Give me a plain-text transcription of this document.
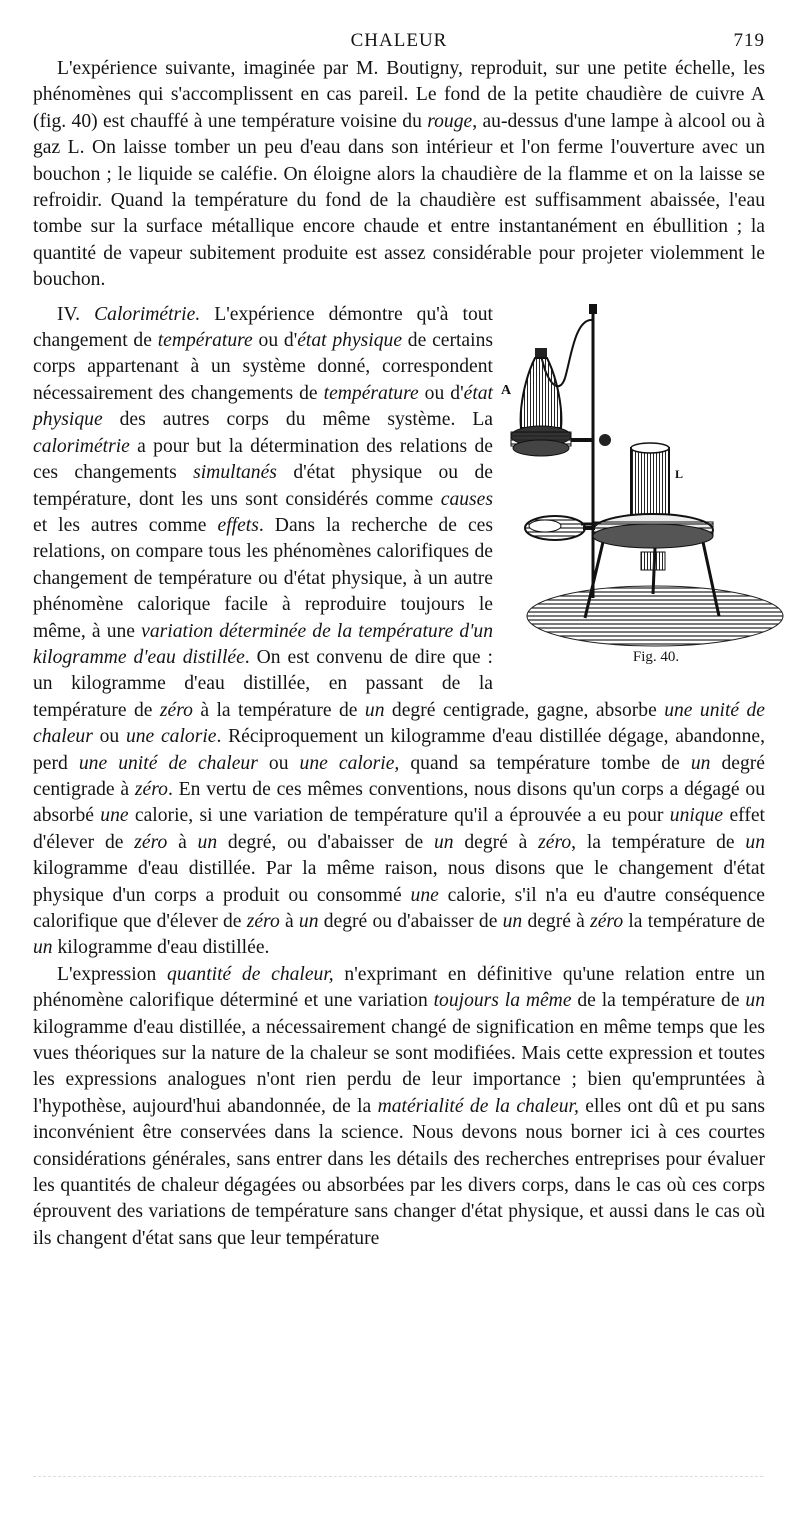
CHALEUR	719

L'expérience suivante, imaginée par M. Boutigny, reproduit, sur une petite échelle, les phénomènes qui s'accomplissent en cas pareil. Le fond de la petite chaudière de cuivre A (fig. 40) est chauffé à une température voisine du rouge, au-dessus d'une lampe à alcool ou à gaz L. On laisse tomber un peu d'eau dans son intérieur et l'on ferme l'ouverture avec un bouchon ; le liquide se caléfie. On éloigne alors la chaudière de la flamme et on la laisse se refroidir. Quand la température du fond de la chaudière est suffisamment abaissée, l'eau tombe sur la surface métallique encore chaude et entre instantanément en ébullition ; la quantité de vapeur subitement produite est assez considérable pour projeter violemment le bouchon.

A
L
Fig. 40.

IV. Calorimétrie. L'expérience démontre qu'à tout changement de température ou d'état physique de certains corps appartenant à un système donné, correspondent nécessairement des changements de température ou d'état physique des autres corps du même système. La calorimétrie a pour but la détermination des relations de ces changements simultanés d'état physique ou de température, dont les uns sont considérés comme causes et les autres comme effets. Dans la recherche de ces relations, on compare tous les phénomènes calorifiques de changement de température ou d'état physique, à un autre phénomène calorique facile à reproduire toujours le même, à une variation déterminée de la température d'un kilogramme d'eau distillée. On est convenu de dire que : un kilogramme d'eau distillée, en passant de la température de zéro à la température de un degré centigrade, gagne, absorbe une unité de chaleur ou une calorie. Réciproquement un kilogramme d'eau distillée dégage, abandonne, perd une unité de chaleur ou une calorie, quand sa température tombe de un degré centigrade à zéro. En vertu de ces mêmes conventions, nous disons qu'un corps a dégagé ou absorbé une calorie, si une variation de température qu'il a éprouvée a eu pour unique effet d'élever de zéro à un degré, ou d'abaisser de un degré à zéro, la température de un kilogramme d'eau distillée. Par la même raison, nous disons que le changement d'état physique d'un corps a produit ou consommé une calorie, s'il n'a eu d'autre conséquence calorifique que d'élever de zéro à un degré ou d'abaisser de un degré à zéro la température de un kilogramme d'eau distillée.

L'expression quantité de chaleur, n'exprimant en définitive qu'une relation entre un phénomène calorifique déterminé et une variation toujours la même de la température de un kilogramme d'eau distillée, a nécessairement changé de signification en même temps que les vues théoriques sur la nature de la chaleur se sont modifiées. Mais cette expression et toutes les expressions analogues n'ont rien perdu de leur importance ; bien qu'empruntées à l'hypothèse, aujourd'hui abandonnée, de la matérialité de la chaleur, elles ont dû et pu sans inconvénient être conservées dans la science. Nous devons nous borner ici à ces courtes considérations générales, sans entrer dans les détails des recherches entreprises pour évaluer les quantités de chaleur dégagées ou absorbées par les divers corps, dans le cas où ces corps éprouvent des variations de température sans changer d'état physique, et aussi dans le cas où ils changent d'état sans que leur température
